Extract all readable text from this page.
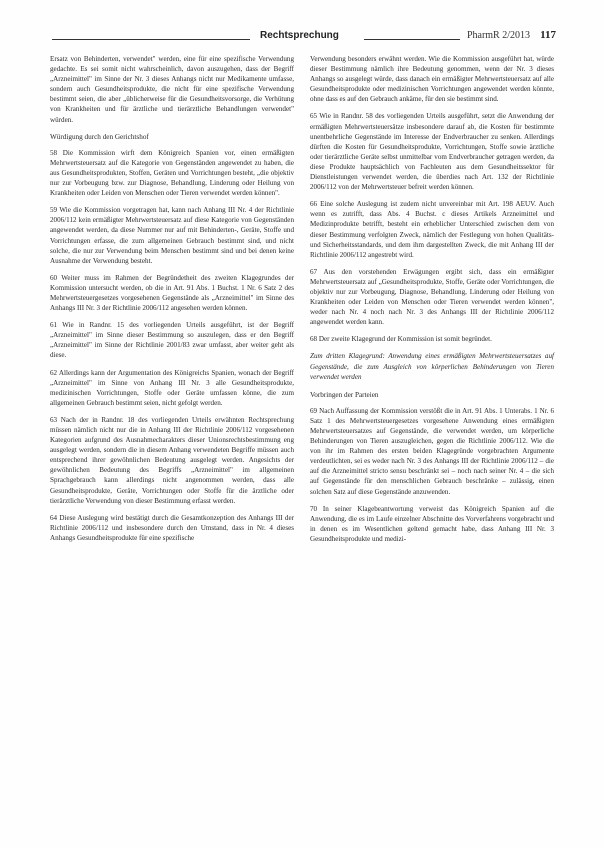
Rechtsprechung	PharmR 2/2013 117

Ersatz von Behinderten, verwendet" werden, eine für eine spezifische Verwendung gedachte. Es sei somit nicht wahrscheinlich, davon auszugehen, dass der Begriff „Arzneimittel" im Sinne der Nr. 3 dieses Anhangs nicht nur Medikamente umfasse, sondern auch Gesundheitsprodukte, die nicht für eine spezifische Verwendung bestimmt seien, die aber „üblicherweise für die Gesundheitsvorsorge, die Verhütung von Krankheiten und für ärztliche und tierärztliche Behandlungen verwendet" würden.

Würdigung durch den Gerichtshof

58 Die Kommission wirft dem Königreich Spanien vor, einen ermäßigten Mehrwertsteuersatz auf die Kategorie von Gegenständen angewendet zu haben, die aus Gesundheitsprodukten, Stoffen, Geräten und Vorrichtungen besteht, „die objektiv nur zur Vorbeugung bzw. zur Diagnose, Behandlung, Linderung oder Heilung von Krankheiten oder Leiden von Menschen oder Tieren verwendet werden können".

59 Wie die Kommission vorgetragen hat, kann nach Anhang III Nr. 4 der Richtlinie 2006/112 kein ermäßigter Mehrwertsteuersatz auf diese Kategorie von Gegenständen angewendet werden, da diese Nummer nur auf mit Behinderten-, Geräte, Stoffe und Vorrichtungen erfasse, die zum allgemeinen Gebrauch bestimmt sind, und nicht solche, die nur zur Verwendung beim Menschen bestimmt sind und bei denen keine Ausnahme der Verwendung besteht.

60 Weiter muss im Rahmen der Begründetheit des zweiten Klagegrundes der Kommission untersucht werden, ob die in Art. 91 Abs. 1 Buchst. 1 Nr. 6 Satz 2 des Mehrwertsteuergesetzes vorgesehenen Gegenstände als „Arzneimittel" im Sinne des Anhangs III Nr. 3 der Richtlinie 2006/112 angesehen werden können.

61 Wie in Randnr. 15 des vorliegenden Urteils ausgeführt, ist der Begriff „Arzneimittel" im Sinne dieser Bestimmung so auszulegen, dass er den Begriff „Arzneimittel" im Sinne der Richtlinie 2001/83 zwar umfasst, aber weiter geht als diese.

62 Allerdings kann der Argumentation des Königreichs Spanien, wonach der Begriff „Arzneimittel" im Sinne von Anhang III Nr. 3 alle Gesundheitsprodukte, medizinischen Vorrichtungen, Stoffe oder Geräte umfassen könne, die zum allgemeinen Gebrauch bestimmt seien, nicht gefolgt werden.

63 Nach der in Randnr. 18 des vorliegenden Urteils erwähnten Rechtsprechung müssen nämlich nicht nur die in Anhang III der Richtlinie 2006/112 vorgesehenen Kategorien aufgrund des Ausnahmecharakters dieser Unionsrechtsbestimmung eng ausgelegt werden, sondern die in diesem Anhang verwendeten Begriffe müssen auch entsprechend ihrer gewöhnlichen Bedeutung ausgelegt werden. Angesichts der gewöhnlichen Bedeutung des Begriffs „Arzneimittel" im allgemeinen Sprachgebrauch kann allerdings nicht angenommen werden, dass alle Gesundheitsprodukte, Geräte, Vorrichtungen oder Stoffe für die ärztliche oder tierärztliche Verwendung von dieser Bestimmung erfasst werden.

64 Diese Auslegung wird bestätigt durch die Gesamtkonzeption des Anhangs III der Richtlinie 2006/112 und insbesondere durch den Umstand, dass in Nr. 4 dieses Anhangs Gesundheitsprodukte für eine spezifische

Verwendung besonders erwähnt werden. Wie die Kommission ausgeführt hat, würde dieser Bestimmung nämlich ihre Bedeutung genommen, wenn der Nr. 3 dieses Anhangs so ausgelegt würde, dass danach ein ermäßigter Mehrwertsteuersatz auf alle Gesundheitsprodukte oder medizinischen Vorrichtungen angewendet werden könnte, ohne dass es auf den Gebrauch ankäme, für den sie bestimmt sind.

65 Wie in Randnr. 58 des vorliegenden Urteils ausgeführt, setzt die Anwendung der ermäßigten Mehrwertsteuersätze insbesondere darauf ab, die Kosten für bestimmte unentbehrliche Gegenstände im Interesse der Endverbraucher zu senken. Allerdings dürften die Kosten für Gesundheitsprodukte, Vorrichtungen, Stoffe sowie ärztliche oder tierärztliche Geräte selbst unmittelbar vom Endverbraucher getragen werden, da diese Produkte hauptsächlich von Fachleuten aus dem Gesundheitssektor für Dienstleistungen verwendet werden, die überdies nach Art. 132 der Richtlinie 2006/112 von der Mehrwertsteuer befreit werden können.

66 Eine solche Auslegung ist zudem nicht unvereinbar mit Art. 198 AEUV. Auch wenn es zutrifft, dass Abs. 4 Buchst. c dieses Artikels Arzneimittel und Medizinprodukte betrifft, besteht ein erheblicher Unterschied zwischen dem von dieser Bestimmung verfolgten Zweck, nämlich der Festlegung von hohen Qualitäts- und Sicherheitsstandards, und dem ihm dargestellten Zweck, die mit Anhang III der Richtlinie 2006/112 angestrebt wird.

67 Aus den vorstehenden Erwägungen ergibt sich, dass ein ermäßigter Mehrwertsteuersatz auf „Gesundheitsprodukte, Stoffe, Geräte oder Vorrichtungen, die objektiv nur zur Vorbeugung, Diagnose, Behandlung, Linderung oder Heilung von Krankheiten oder Leiden von Menschen oder Tieren verwendet werden können", weder nach Nr. 4 noch nach Nr. 3 des Anhangs III der Richtlinie 2006/112 angewendet werden kann.

68 Der zweite Klagegrund der Kommission ist somit begründet.

Zum dritten Klagegrund: Anwendung eines ermäßigten Mehrwertsteuersatzes auf Gegenstände, die zum Ausgleich von körperlichen Behinderungen von Tieren verwendet werden

Vorbringen der Parteien

69 Nach Auffassung der Kommission verstößt die in Art. 91 Abs. 1 Unterabs. 1 Nr. 6 Satz 1 des Mehrwertsteuergesetzes vorgesehene Anwendung eines ermäßigten Mehrwertsteuersatzes auf Gegenstände, die verwendet werden, um körperliche Behinderungen von Tieren auszugleichen, gegen die Richtlinie 2006/112. Wie die von ihr im Rahmen des ersten beiden Klagegründe vorgebrachten Argumente verdeutlichten, sei es weder nach Nr. 3 des Anhangs III der Richtlinie 2006/112 – die auf die Arzneimittel stricto sensu beschränkt sei – noch nach seiner Nr. 4 – die sich auf Gegenstände für den menschlichen Gebrauch beschränke – zulässig, einen solchen Satz auf diese Gegenstände anzuwenden.

70 In seiner Klagebeantwortung verweist das Königreich Spanien auf die Anwendung, die es im Laufe einzelner Abschnitte des Vorverfahrens vorgebracht und in denen es im Wesentlichen geltend gemacht habe, dass Anhang III Nr. 3 Gesundheitsprodukte und medizi-
